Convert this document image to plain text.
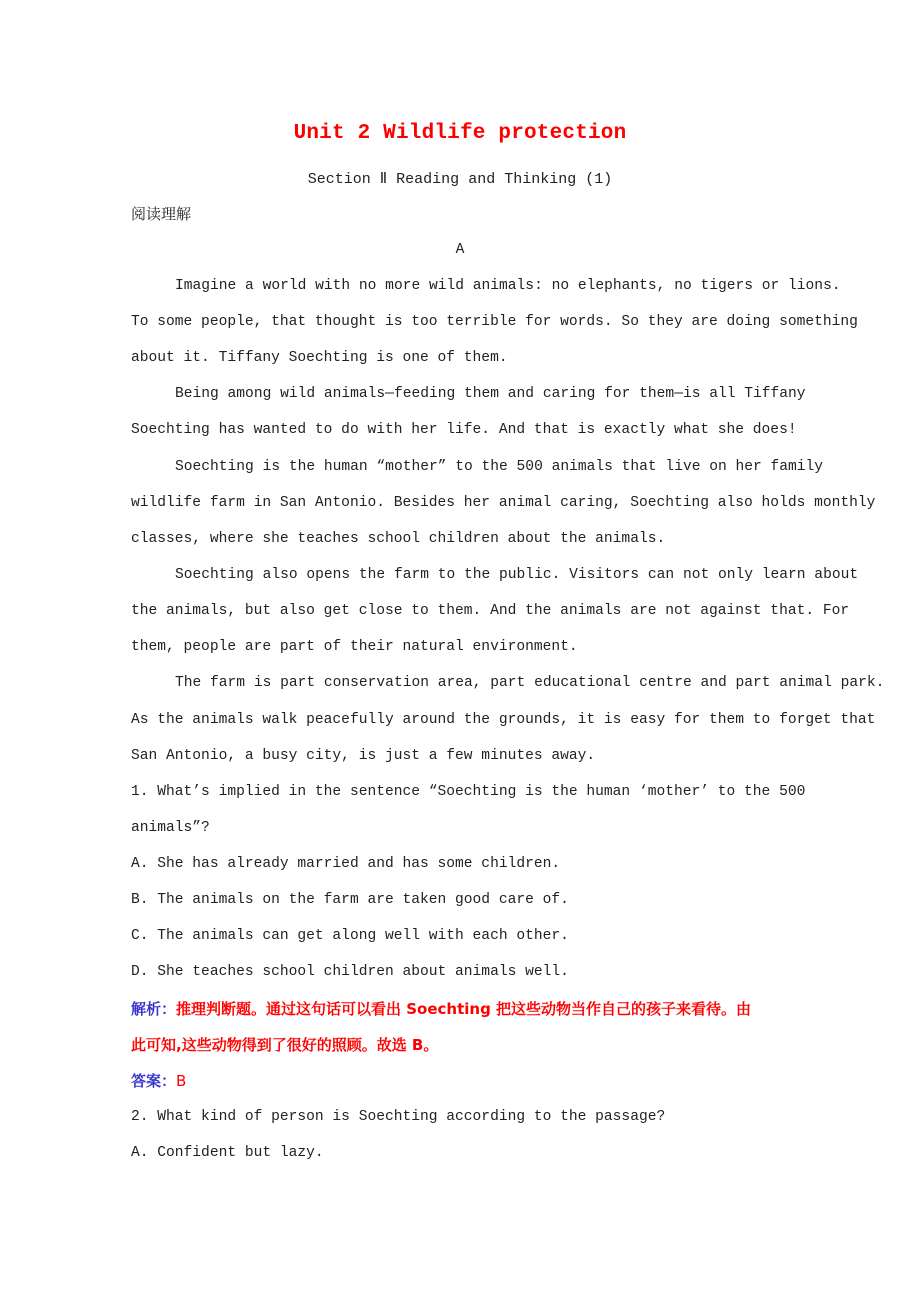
Unit 2 Wildlife protection
Section Ⅱ Reading and Thinking (1)
阅读理解
A
Imagine a world with no more wild animals: no elephants, no tigers or lions.
To some people, that thought is too terrible for words. So they are doing something
about it. Tiffany Soechting is one of them.
Being among wild animals—feeding them and caring for them—is all Tiffany
Soechting has wanted to do with her life. And that is exactly what she does!
Soechting is the human “mother” to the 500 animals that live on her family
wildlife farm in San Antonio. Besides her animal caring, Soechting also holds monthly
classes, where she teaches school children about the animals.
Soechting also opens the farm to the public. Visitors can not only learn about
the animals, but also get close to them. And the animals are not against that. For
them, people are part of their natural environment.
The farm is part conservation area, part educational centre and part animal park.
As the animals walk peacefully around the grounds, it is easy for them to forget that
San Antonio, a busy city, is just a few minutes away.
1. What’s implied in the sentence “Soechting is the human ‘mother’ to the 500
animals”?
A. She has already married and has some children.
B. The animals on the farm are taken good care of.
C. The animals can get along well with each other.
D. She teaches school children about animals well.
解析：推理判断题。通过这句话可以看出 Soechting 把这些动物当作自己的孩子来看待。由
此可知,这些动物得到了很好的照顾。故选 B。
答案：B
2. What kind of person is Soechting according to the passage?
A. Confident but lazy.
